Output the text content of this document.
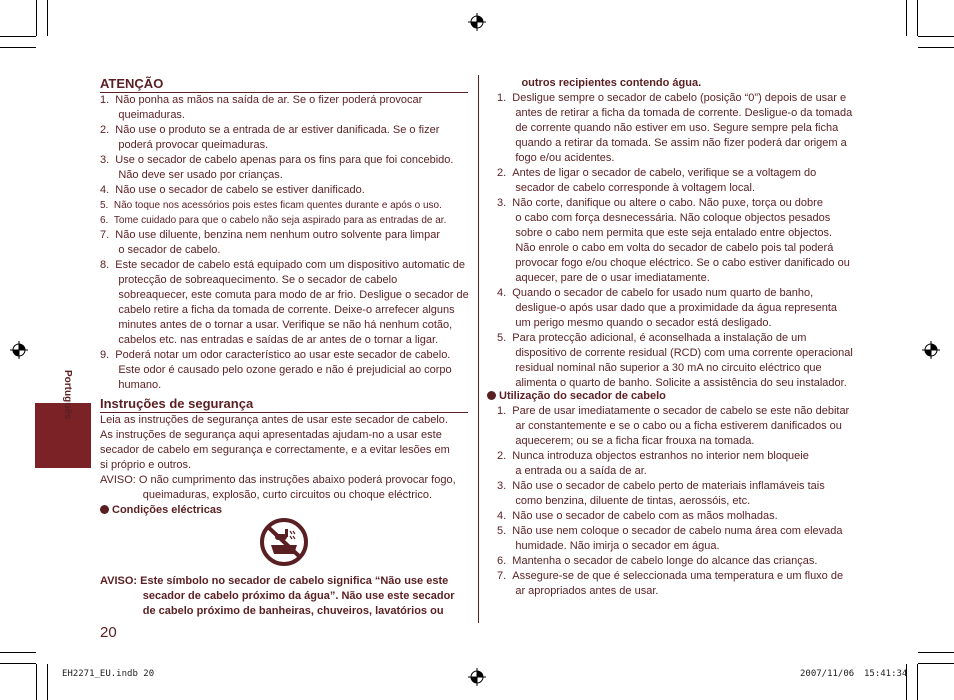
Português
ATENÇÃO
1.  Não ponha as mãos na saída de ar. Se o fizer poderá provocar
queimaduras.
2.  Não use o produto se a entrada de ar estiver danificada. Se o fizer
poderá provocar queimaduras.
3.  Use o secador de cabelo apenas para os fins para que foi concebido.
Não deve ser usado por crianças.
4.  Não use o secador de cabelo se estiver danificado.
5.  Não toque nos acessórios pois estes ficam quentes durante e após o uso.
6.  Tome cuidado para que o cabelo não seja aspirado para as entradas de ar.
7.  Não use diluente, benzina nem nenhum outro solvente para limpar
o secador de cabelo.
8.  Este secador de cabelo está equipado com um dispositivo automatic de
protecção de sobreaquecimento. Se o secador de cabelo
sobreaquecer, este comuta para modo de ar frio. Desligue o secador de
cabelo retire a ficha da tomada de corrente. Deixe-o arrefecer alguns
minutes antes de o tornar a usar. Verifique se não há nenhum cotão,
cabelos etc. nas entradas e saídas de ar antes de o tornar a ligar.
9.  Poderá notar um odor característico ao usar este secador de cabelo.
Este odor é causado pelo ozone gerado e não é prejudicial ao corpo
humano.
Instruções de segurança
Leia as instruções de segurança antes de usar este secador de cabelo.
As instruções de segurança aqui apresentadas ajudam-no a usar este
secador de cabelo em segurança e correctamente, e a evitar lesões em
si próprio e outros.
AVISO: O não cumprimento das instruções abaixo poderá provocar fogo,
queimaduras, explosão, curto circuitos ou choque eléctrico.
Condições eléctricas
AVISO: Este símbolo no secador de cabelo significa “Não use este
secador de cabelo próximo da água”. Não use este secador
de cabelo próximo de banheiras, chuveiros, lavatórios ou
20
outros recipientes contendo água.
1.  Desligue sempre o secador de cabelo (posição “0”) depois de usar e
antes de retirar a ficha da tomada de corrente. Desligue-o da tomada
de corrente quando não estiver em uso. Segure sempre pela ficha
quando a retirar da tomada. Se assim não fizer poderá dar origem a
fogo e/ou acidentes.
2.  Antes de ligar o secador de cabelo, verifique se a voltagem do
secador de cabelo corresponde à voltagem local.
3.  Não corte, danifique ou altere o cabo. Não puxe, torça ou dobre
o cabo com força desnecessária. Não coloque objectos pesados
sobre o cabo nem permita que este seja entalado entre objectos.
Não enrole o cabo em volta do secador de cabelo pois tal poderá
provocar fogo e/ou choque eléctrico. Se o cabo estiver danificado ou
aquecer, pare de o usar imediatamente.
4.  Quando o secador de cabelo for usado num quarto de banho,
desligue-o após usar dado que a proximidade da água representa
um perigo mesmo quando o secador está desligado.
5.  Para protecção adicional, é aconselhada a instalação de um
dispositivo de corrente residual (RCD) com uma corrente operacional
residual nominal não superior a 30 mA no circuito eléctrico que
alimenta o quarto de banho. Solicite a assistência do seu instalador.
Utilização do secador de cabelo
1.  Pare de usar imediatamente o secador de cabelo se este não debitar
ar constantemente e se o cabo ou a ficha estiverem danificados ou
aquecerem; ou se a ficha ficar frouxa na tomada.
2.  Nunca introduza objectos estranhos no interior nem bloqueie
a entrada ou a saída de ar.
3.  Não use o secador de cabelo perto de materiais inflamáveis tais
como benzina, diluente de tintas, aerossóis, etc.
4.  Não use o secador de cabelo com as mãos molhadas.
5.  Não use nem coloque o secador de cabelo numa área com elevada
humidade. Não imirja o secador em água.
6.  Mantenha o secador de cabelo longe do alcance das crianças.
7.  Assegure-se de que é seleccionada uma temperatura e um fluxo de
ar apropriados antes de usar.
EH2271_EU.indb 20	2007/11/06 15:41:34
